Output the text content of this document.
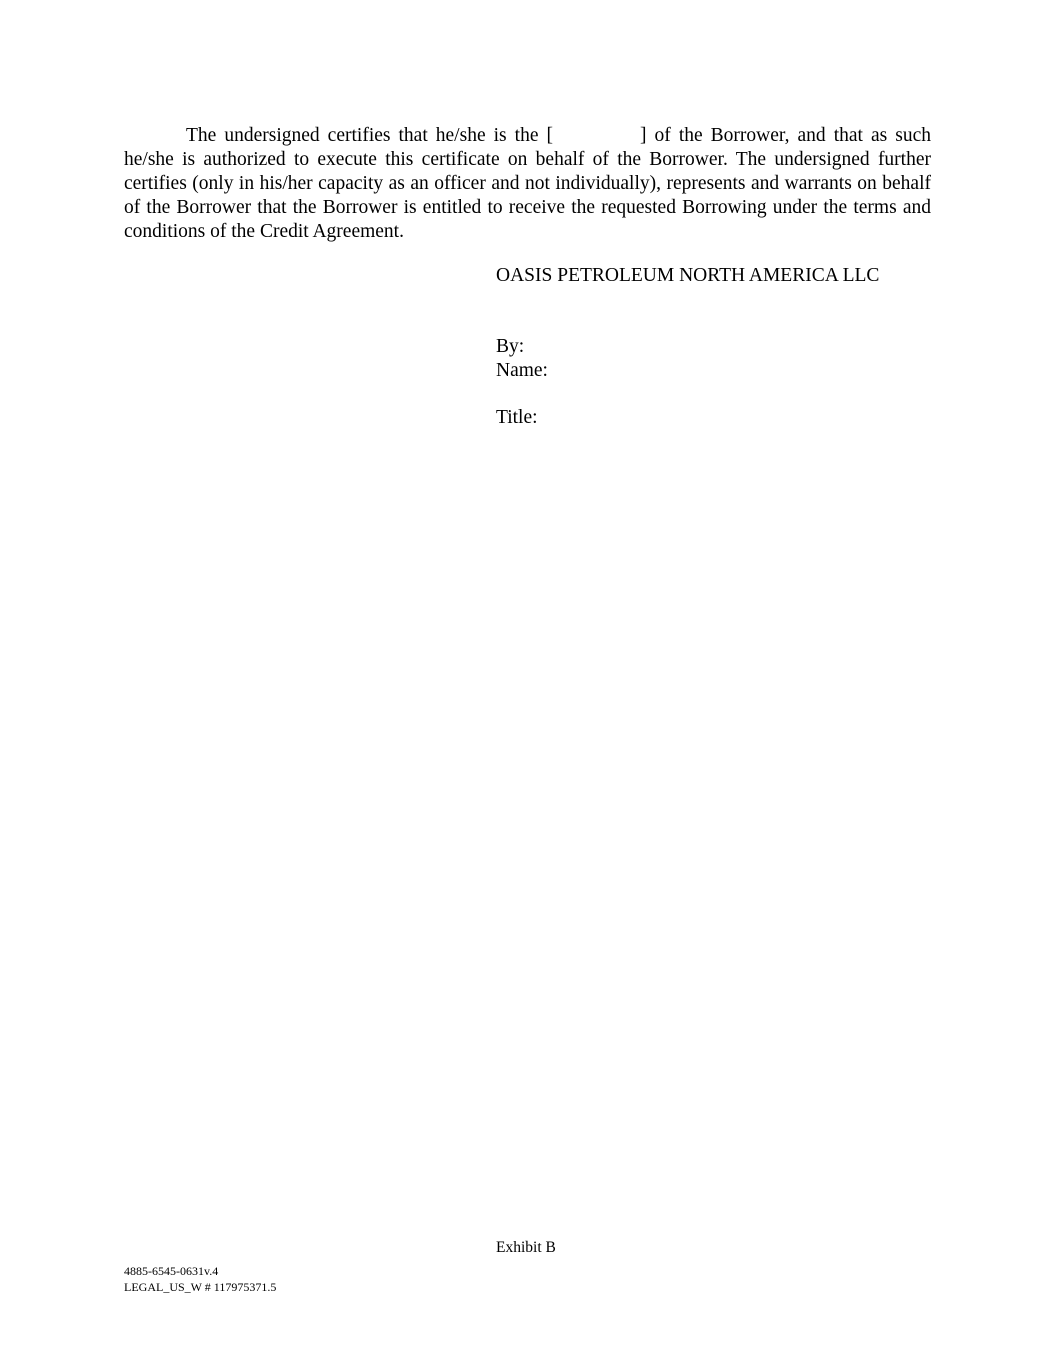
The undersigned certifies that he/she is the [	] of the Borrower, and that as such he/she is authorized to execute this certificate on behalf of the Borrower. The undersigned further certifies (only in his/her capacity as an officer and not individually), represents and warrants on behalf of the Borrower that the Borrower is entitled to receive the requested Borrowing under the terms and conditions of the Credit Agreement.

OASIS PETROLEUM NORTH AMERICA LLC

By:

Name:

Title:

Exhibit B
4885-6545-0631v.4
LEGAL_US_W # 117975371.5
